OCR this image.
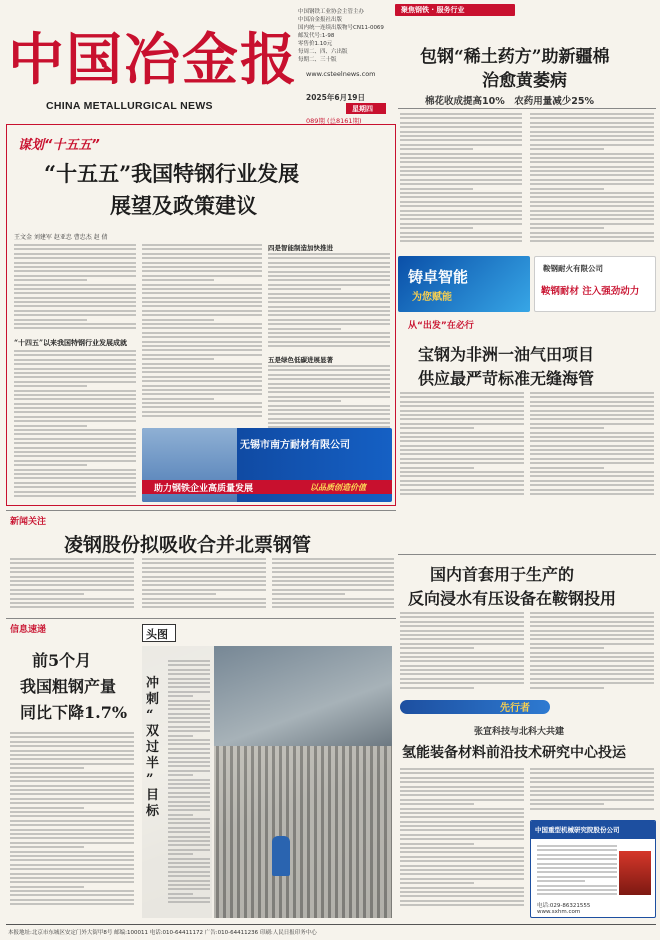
中国冶金报
CHINA METALLURGICAL NEWS
中国钢铁工业协会主管主办
中国冶金报社出版
国内统一连续出版物号CN11-0069
邮发代号:1-98
零售价1.10元
每周二、四、六出版
每期二、三十版
www.csteelnews.com
2025年6月19日
星期四
089期 (总8161期)
聚焦钢铁 · 服务行业
包钢“稀土药方”助新疆棉
治愈黄萎病
棉花收成提高10%　农药用量减少25%
谋划“十五五”
“十五五”我国特钢行业发展
展望及政策建议
王文金 刘建军 赵亚忠 曹忠杰 赵 倩
“十四五”以来我国特钢行业发展成就
四是智能制造加快推进
五是绿色低碳进展显著
无锡市南方耐材有限公司
助力钢铁企业高质量发展	以品质创造价值
铸卓智能
为您赋能
鞍钢耐火有限公司
鞍钢耐材 注入强劲动力
从“出发”在必行
宝钢为非洲一油气田项目
供应最严苛标准无缝海管
新闻关注
凌钢股份拟吸收合并北票钢管
信息速递
前5个月
我国粗钢产量
同比下降1.7%
头图
冲刺“双过半”目标
国内首套用于生产的
反向浸水有压设备在鞍钢投用
先行者
张宣科技与北科大共建
氢能装备材料前沿技术研究中心投运
中国重型机械研究院股份公司
电话:029-86321555
www.sxhm.com
本报地址:北京市东城区安定门外大街甲8号 邮编:100011 电话:010-64411172 广告:010-64411236 印刷:人民日报印务中心
